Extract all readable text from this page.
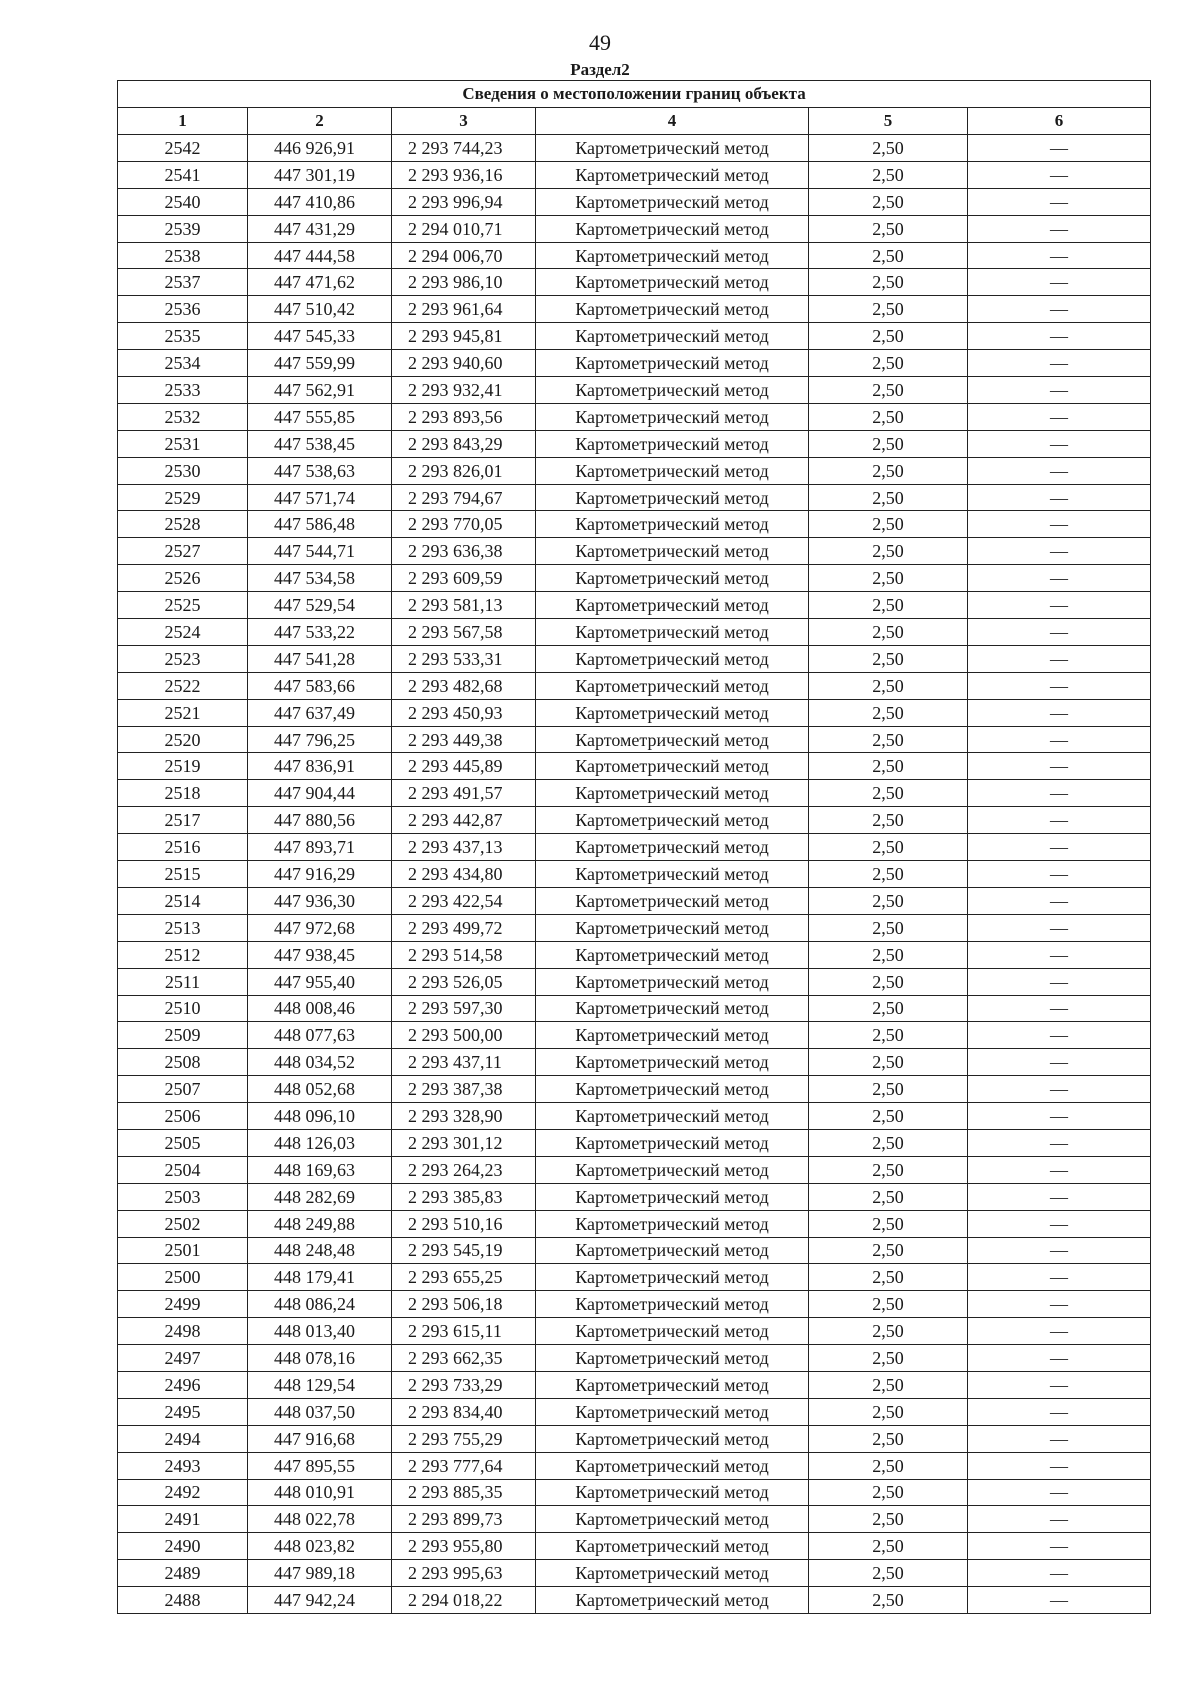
49
Раздел2
Сведения о местоположении границ объекта					
1	2	3	4	5	6
2542	446 926,91	2 293 744,23	Картометрический метод	2,50	—
2541	447 301,19	2 293 936,16	Картометрический метод	2,50	—
2540	447 410,86	2 293 996,94	Картометрический метод	2,50	—
2539	447 431,29	2 294 010,71	Картометрический метод	2,50	—
2538	447 444,58	2 294 006,70	Картометрический метод	2,50	—
2537	447 471,62	2 293 986,10	Картометрический метод	2,50	—
2536	447 510,42	2 293 961,64	Картометрический метод	2,50	—
2535	447 545,33	2 293 945,81	Картометрический метод	2,50	—
2534	447 559,99	2 293 940,60	Картометрический метод	2,50	—
2533	447 562,91	2 293 932,41	Картометрический метод	2,50	—
2532	447 555,85	2 293 893,56	Картометрический метод	2,50	—
2531	447 538,45	2 293 843,29	Картометрический метод	2,50	—
2530	447 538,63	2 293 826,01	Картометрический метод	2,50	—
2529	447 571,74	2 293 794,67	Картометрический метод	2,50	—
2528	447 586,48	2 293 770,05	Картометрический метод	2,50	—
2527	447 544,71	2 293 636,38	Картометрический метод	2,50	—
2526	447 534,58	2 293 609,59	Картометрический метод	2,50	—
2525	447 529,54	2 293 581,13	Картометрический метод	2,50	—
2524	447 533,22	2 293 567,58	Картометрический метод	2,50	—
2523	447 541,28	2 293 533,31	Картометрический метод	2,50	—
2522	447 583,66	2 293 482,68	Картометрический метод	2,50	—
2521	447 637,49	2 293 450,93	Картометрический метод	2,50	—
2520	447 796,25	2 293 449,38	Картометрический метод	2,50	—
2519	447 836,91	2 293 445,89	Картометрический метод	2,50	—
2518	447 904,44	2 293 491,57	Картометрический метод	2,50	—
2517	447 880,56	2 293 442,87	Картометрический метод	2,50	—
2516	447 893,71	2 293 437,13	Картометрический метод	2,50	—
2515	447 916,29	2 293 434,80	Картометрический метод	2,50	—
2514	447 936,30	2 293 422,54	Картометрический метод	2,50	—
2513	447 972,68	2 293 499,72	Картометрический метод	2,50	—
2512	447 938,45	2 293 514,58	Картометрический метод	2,50	—
2511	447 955,40	2 293 526,05	Картометрический метод	2,50	—
2510	448 008,46	2 293 597,30	Картометрический метод	2,50	—
2509	448 077,63	2 293 500,00	Картометрический метод	2,50	—
2508	448 034,52	2 293 437,11	Картометрический метод	2,50	—
2507	448 052,68	2 293 387,38	Картометрический метод	2,50	—
2506	448 096,10	2 293 328,90	Картометрический метод	2,50	—
2505	448 126,03	2 293 301,12	Картометрический метод	2,50	—
2504	448 169,63	2 293 264,23	Картометрический метод	2,50	—
2503	448 282,69	2 293 385,83	Картометрический метод	2,50	—
2502	448 249,88	2 293 510,16	Картометрический метод	2,50	—
2501	448 248,48	2 293 545,19	Картометрический метод	2,50	—
2500	448 179,41	2 293 655,25	Картометрический метод	2,50	—
2499	448 086,24	2 293 506,18	Картометрический метод	2,50	—
2498	448 013,40	2 293 615,11	Картометрический метод	2,50	—
2497	448 078,16	2 293 662,35	Картометрический метод	2,50	—
2496	448 129,54	2 293 733,29	Картометрический метод	2,50	—
2495	448 037,50	2 293 834,40	Картометрический метод	2,50	—
2494	447 916,68	2 293 755,29	Картометрический метод	2,50	—
2493	447 895,55	2 293 777,64	Картометрический метод	2,50	—
2492	448 010,91	2 293 885,35	Картометрический метод	2,50	—
2491	448 022,78	2 293 899,73	Картометрический метод	2,50	—
2490	448 023,82	2 293 955,80	Картометрический метод	2,50	—
2489	447 989,18	2 293 995,63	Картометрический метод	2,50	—
2488	447 942,24	2 294 018,22	Картометрический метод	2,50	—
